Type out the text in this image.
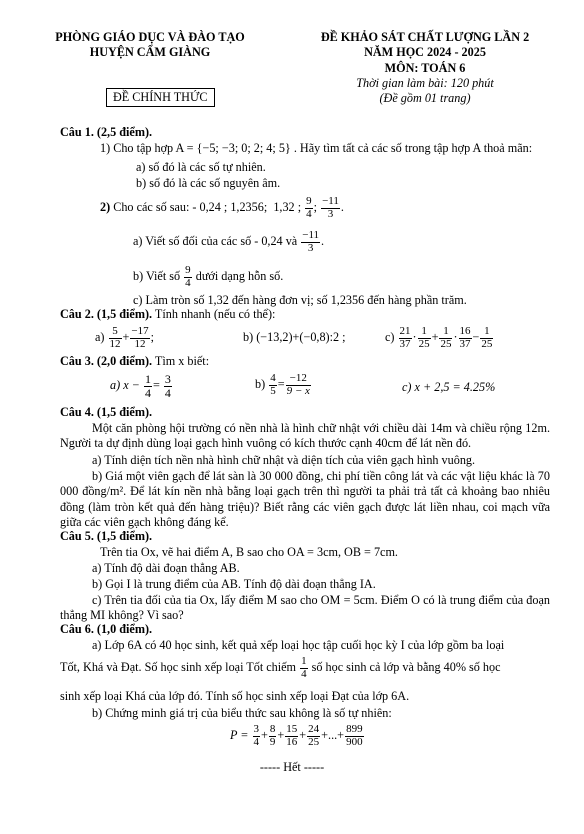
PHÒNG GIÁO DỤC VÀ ĐÀO TẠO
HUYỆN CẨM GIÀNG
ĐỀ KHẢO SÁT CHẤT LƯỢNG LẦN 2
NĂM HỌC 2024 - 2025
MÔN: TOÁN 6
Thời gian làm bài: 120 phút
(Đề gồm 01 trang)
ĐỀ CHÍNH THỨC
Câu 1. (2,5 điểm).
1) Cho tập hợp A = {−5; −3; 0; 2; 4; 5} . Hãy tìm tất cả các số trong tập hợp A thoả mãn:
a) số đó là các số tự nhiên.
b) số đó là các số nguyên âm.
2) Cho các số sau: - 0,24 ; 1,2356;  1,32 ; $\frac{9}{4}$ ; $\frac{-11}{3}$ .
a) Viết số đối của các số - 0,24 và $\frac{-11}{3}$ .
b) Viết số $\frac{9}{4}$ dưới dạng hỗn số.
c) Làm tròn số 1,32 đến hàng đơn vị; số 1,2356 đến hàng phần trăm.
Câu 2. (1,5 điểm). Tính nhanh (nếu có thể):
$a) \frac{5}{12} + \frac{-17}{12}$ ;	b) (−13,2)+(−0,8):2 ;	$c) \frac{21}{37} \cdot \frac{1}{25} + \frac{1}{25} \cdot \frac{16}{37} - \frac{1}{25}$
Câu 3. (2,0 điểm). Tìm x biết:
a) $x - \frac{1}{4} = \frac{3}{4}$	$b) \frac{4}{5} = \frac{-12}{9 - x}$	c) x + 2,5 = 4.25%
Câu 4. (1,5 điểm).
Một căn phòng hội trường có nền nhà là hình chữ nhật với chiều dài 14m và chiều rộng 12m. Người ta dự định dùng loại gạch hình vuông có kích thước cạnh 40cm để lát nền đó.
a) Tính diện tích nền nhà hình chữ nhật và diện tích của viên gạch hình vuông.
b) Giá một viên gạch để lát sàn là 30 000 đồng, chi phí tiền công lát và các vật liệu khác là 70 000 đồng/m². Để lát kín nền nhà bằng loại gạch trên thì người ta phải trả tất cả khoảng bao nhiêu đồng (làm tròn kết quả đến hàng triệu)? Biết rằng các viên gạch được lát liền nhau, coi mạch vữa giữa các viên gạch không đáng kể.
Câu 5. (1,5 điểm).
Trên tia Ox, vẽ hai điểm A, B sao cho OA = 3cm, OB = 7cm.
a) Tính độ dài đoạn thẳng AB.
b) Gọi I là trung điểm của AB. Tính độ dài đoạn thẳng IA.
c) Trên tia đối của tia Ox, lấy điểm M sao cho OM = 5cm. Điểm O có là trung điểm của đoạn thẳng MI không? Vì sao?
Câu 6. (1,0 điểm).
a) Lớp 6A có 40 học sinh, kết quả xếp loại học tập cuối học kỳ I của lớp gồm ba loại
Tốt, Khá và Đạt. Số học sinh xếp loại Tốt chiếm $\frac{1}{4}$ số học sinh cả lớp và bằng 40% số học
sinh xếp loại Khá của lớp đó. Tính số học sinh xếp loại Đạt của lớp 6A.
b) Chứng minh giá trị của biểu thức sau không là số tự nhiên:
$P = \frac{3}{4} + \frac{8}{9} + \frac{15}{16} + \frac{24}{25}$ +...+ $\frac{899}{900}$
----- Hết -----
